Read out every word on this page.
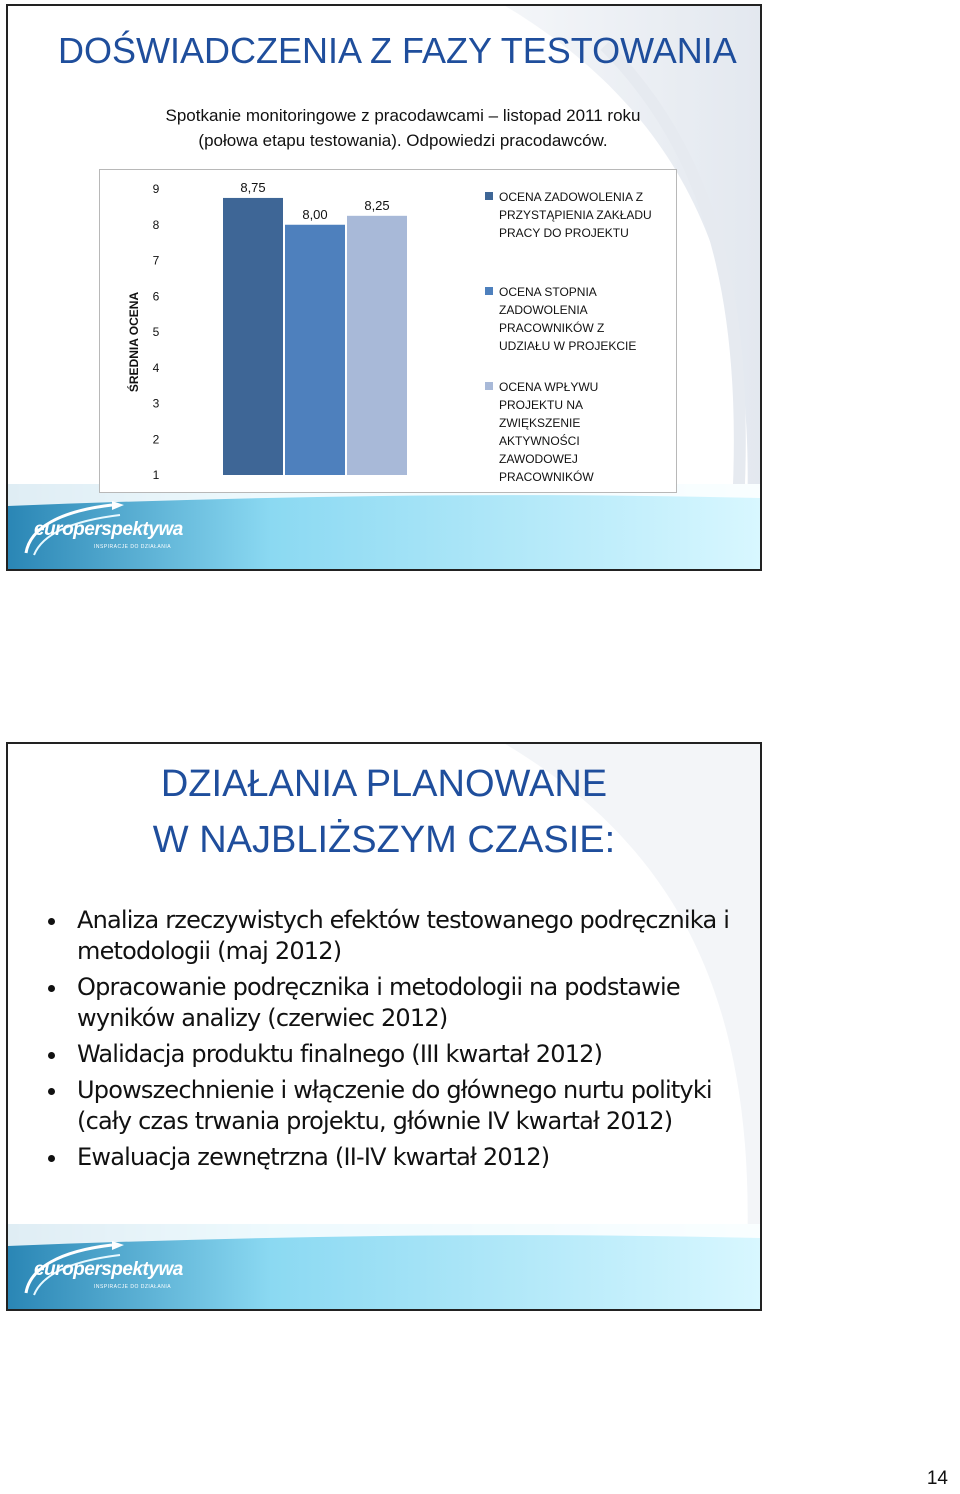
europerspektywa
INSPIRACJE DO DZIAŁANIA
DOŚWIADCZENIA Z FAZY TESTOWANIA
Spotkanie monitoringowe z pracodawcami – listopad 2011 roku
(połowa etapu testowania). Odpowiedzi pracodawców.
ŚREDNIA OCENA
1
2
3
4
5
6
7
8
9	8,75
8,00
8,25
OCENA ZADOWOLENIA Z
PRZYSTĄPIENIA ZAKŁADU
PRACY DO PROJEKTU
OCENA STOPNIA
ZADOWOLENIA
PRACOWNIKÓW Z
UDZIAŁU W PROJEKCIE
OCENA WPŁYWU
PROJEKTU NA
ZWIĘKSZENIE
AKTYWNOŚCI
ZAWODOWEJ
PRACOWNIKÓW
europerspektywa
INSPIRACJE DO DZIAŁANIA
DZIAŁANIA PLANOWANE
W NAJBLIŻSZYM CZASIE:
Analiza rzeczywistych efektów testowanego podręcznika i metodologii (maj 2012)
Opracowanie podręcznika i metodologii na podstawie wyników analizy (czerwiec 2012)
Walidacja produktu finalnego (III kwartał 2012)
Upowszechnienie i włączenie do głównego nurtu polityki (cały czas trwania projektu, głównie IV kwartał 2012)
Ewaluacja zewnętrzna (II-IV kwartał 2012)
14
